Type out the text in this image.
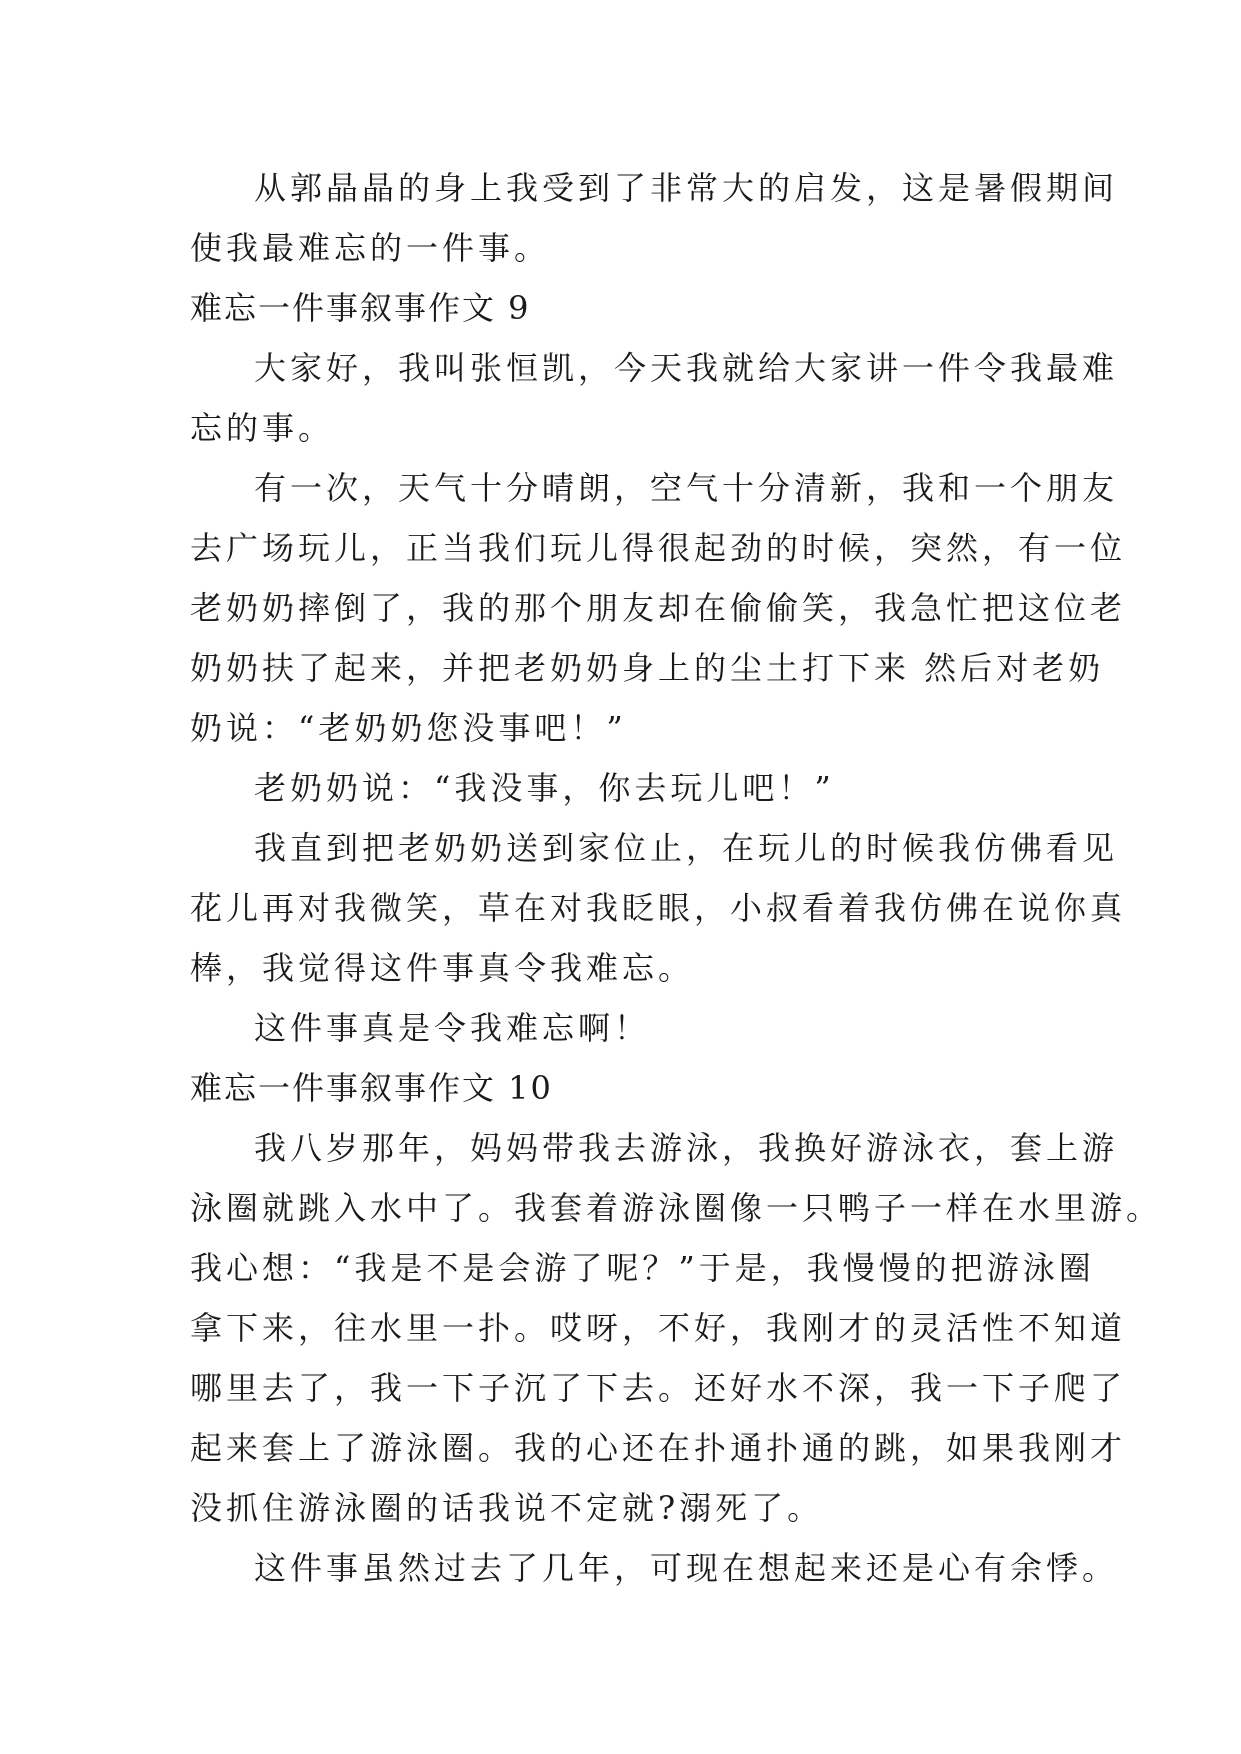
从郭晶晶的身上我受到了非常大的启发，这是暑假期间
使我最难忘的一件事。
难忘一件事叙事作文 9
大家好，我叫张恒凯，今天我就给大家讲一件令我最难
忘的事。
有一次，天气十分晴朗，空气十分清新，我和一个朋友
去广场玩儿，正当我们玩儿得很起劲的时候，突然，有一位
老奶奶摔倒了，我的那个朋友却在偷偷笑，我急忙把这位老
奶奶扶了起来，并把老奶奶身上的尘土打下来 然后对老奶
奶说：“老奶奶您没事吧！”
老奶奶说：“我没事，你去玩儿吧！”
我直到把老奶奶送到家位止，在玩儿的时候我仿佛看见
花儿再对我微笑，草在对我眨眼，小叔看着我仿佛在说你真
棒，我觉得这件事真令我难忘。
这件事真是令我难忘啊！
难忘一件事叙事作文 10
我八岁那年，妈妈带我去游泳，我换好游泳衣，套上游
泳圈就跳入水中了。我套着游泳圈像一只鸭子一样在水里游。
我心想：“我是不是会游了呢？”于是，我慢慢的把游泳圈
拿下来，往水里一扑。哎呀，不好，我刚才的灵活性不知道
哪里去了，我一下子沉了下去。还好水不深，我一下子爬了
起来套上了游泳圈。我的心还在扑通扑通的跳，如果我刚才
没抓住游泳圈的话我说不定就?溺死了。
这件事虽然过去了几年，可现在想起来还是心有余悸。
